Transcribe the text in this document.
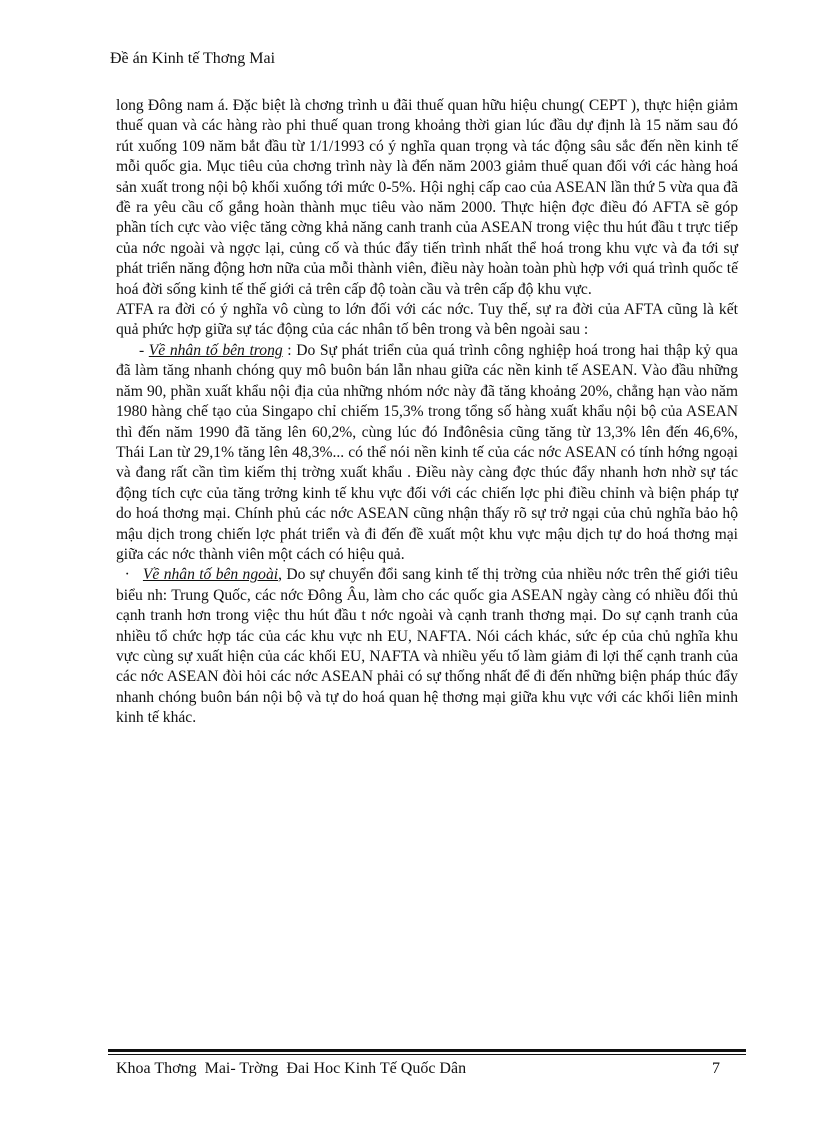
Đề án Kinh tế Thơng Mai

long Đông nam á. Đặc biệt là chơng trình u đãi thuế quan hữu hiệu chung( CEPT ), thực hiện giảm thuế quan và các hàng rào phi thuế quan trong khoảng thời gian lúc đầu dự định là 15 năm sau đó rút xuống 109 năm bắt đầu từ 1/1/1993 có ý nghĩa quan trọng và tác động sâu sắc đến nền kinh tế mỗi quốc gia. Mục tiêu của chơng trình này là đến năm 2003 giảm thuế quan đối với các hàng hoá sản xuất trong nội bộ khối xuống tới mức 0-5%. Hội nghị cấp cao của ASEAN lần thứ 5 vừa qua đã đề ra yêu cầu cố gắng hoàn thành mục tiêu vào năm 2000. Thực hiện đợc điều đó AFTA sẽ góp phần tích cực vào việc tăng cờng khả năng canh tranh của ASEAN trong việc thu hút đầu t trực tiếp của nớc ngoài và ngợc lại, củng cố và thúc đẩy tiến trình nhất thể hoá trong khu vực và đa tới sự phát triển năng động hơn nữa của mỗi thành viên, điều này hoàn toàn phù hợp với quá trình quốc tế hoá đời sống kinh tế thế giới cả trên cấp độ toàn cầu và trên cấp độ khu vực.

ATFA ra đời có ý nghĩa vô cùng to lớn đối với các nớc. Tuy thế, sự ra đời của AFTA cũng là kết quả phức hợp giữa sự tác động của các nhân tố bên trong và bên ngoài sau :

- Về nhân tố bên trong : Do Sự phát triển của quá trình công nghiệp hoá trong hai thập kỷ qua đã làm tăng nhanh chóng quy mô buôn bán lẫn nhau giữa các nền kinh tế ASEAN. Vào đầu những năm 90, phần xuất khẩu nội địa của những nhóm nớc này đã tăng khoảng 20%, chẳng hạn vào năm 1980 hàng chế tạo của Singapo chỉ chiếm 15,3% trong tổng số hàng xuất khẩu nội bộ của ASEAN thì đến năm 1990 đã tăng lên 60,2%, cùng lúc đó Inđônêsia cũng tăng từ 13,3% lên đến 46,6%, Thái Lan từ 29,1% tăng lên 48,3%... có thể nói nền kinh tế của các nớc ASEAN có tính hớng ngoại và đang rất cần tìm kiếm thị trờng xuất khẩu . Điều này càng đợc thúc đẩy nhanh hơn nhờ sự tác động tích cực của tăng trởng kinh tế khu vực đối với các chiến lợc phi điều chỉnh và biện pháp tự do hoá thơng mại. Chính phủ các nớc ASEAN cũng nhận thấy rõ sự trở ngại của chủ nghĩa bảo hộ mậu dịch trong chiến lợc phát triển và đi đến đề xuất một khu vực mậu dịch tự do hoá thơng mại giữa các nớc thành viên một cách có hiệu quả.

·   Về nhân tố bên ngoài, Do sự chuyển đổi sang kinh tế thị trờng của nhiều nớc trên thế giới tiêu biểu nh: Trung Quốc, các nớc Đông Âu, làm cho các quốc gia ASEAN ngày càng có nhiều đối thủ cạnh tranh hơn trong việc thu hút đầu t nớc ngoài và cạnh tranh thơng mại. Do sự cạnh tranh của nhiều tổ chức hợp tác của các khu vực nh EU, NAFTA. Nói cách khác, sức ép của chủ nghĩa khu vực cùng sự xuất hiện của các khối EU, NAFTA và nhiều yếu tố làm giảm đi lợi thế cạnh tranh của các nớc ASEAN đòi hỏi các nớc ASEAN phải có sự thống nhất để đi đến những biện pháp thúc đẩy nhanh chóng buôn bán nội bộ và tự do hoá quan hệ thơng mại giữa khu vực với các khối liên minh kinh tế khác.

Khoa Thơng  Mai- Trờng  Đai Hoc Kinh Tế Quốc Dân	7
